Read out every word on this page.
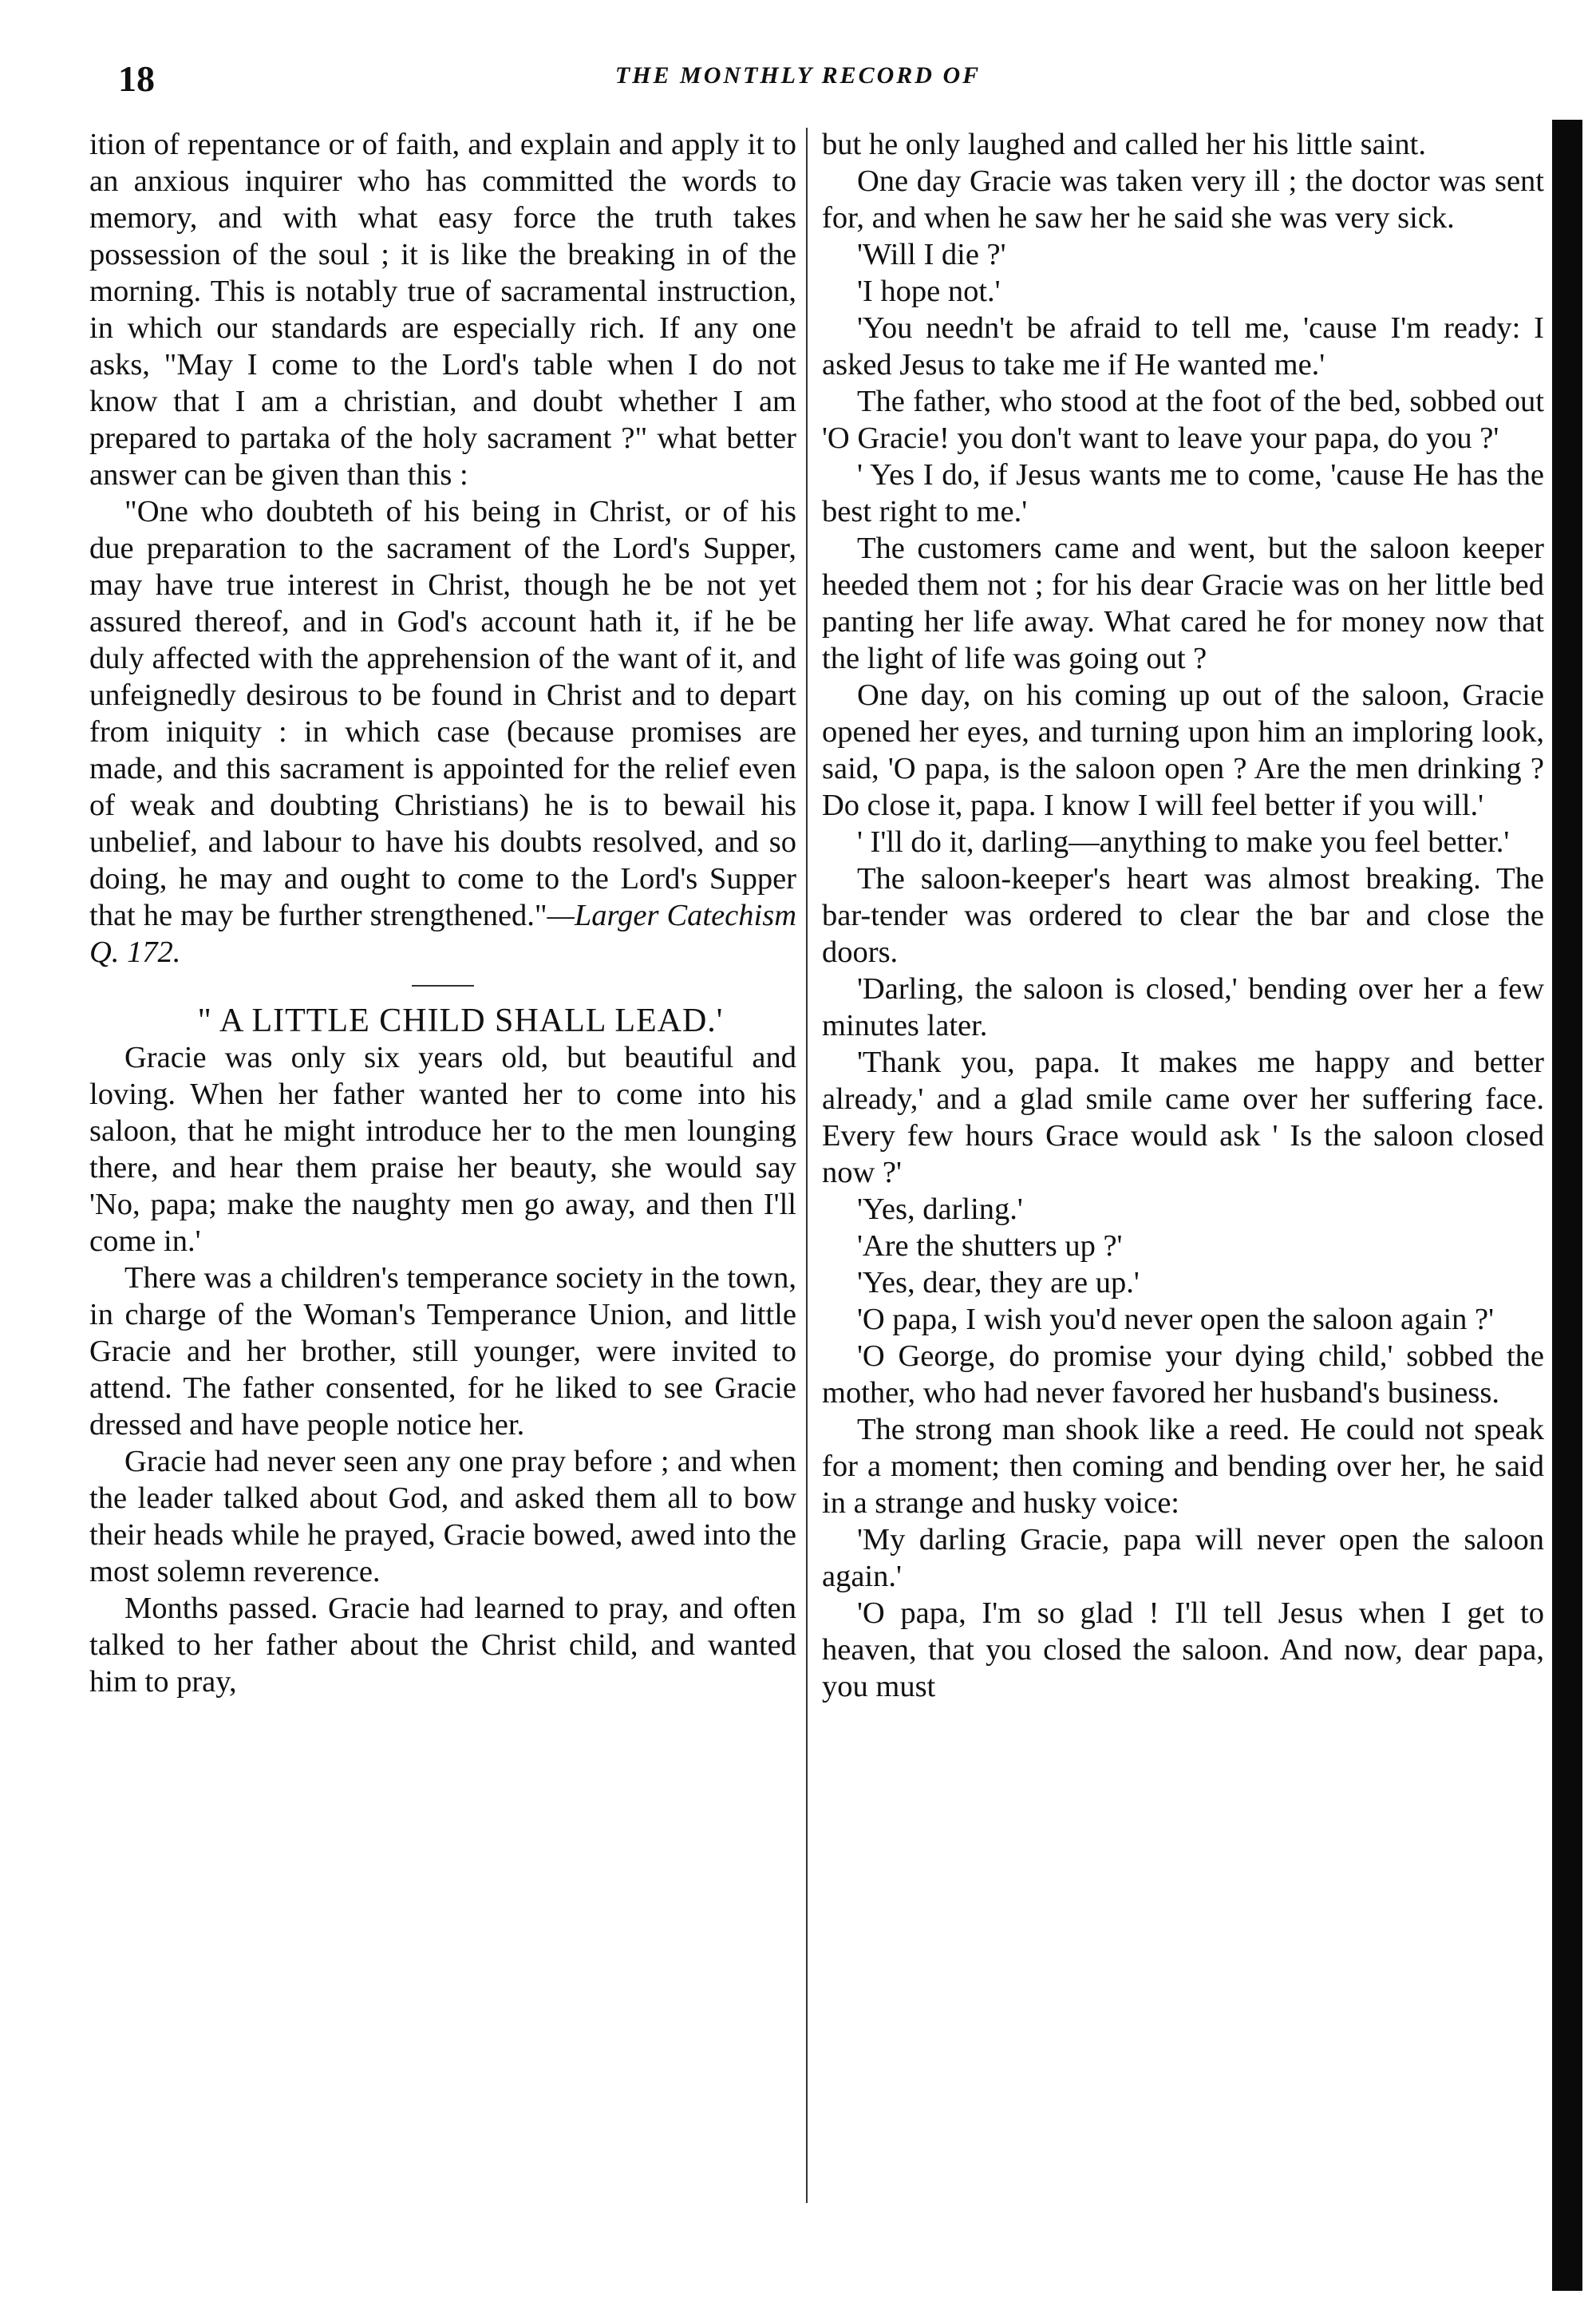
18	THE MONTHLY RECORD OF

ition of repentance or of faith, and explain and apply it to an anxious inquirer who has committed the words to memory, and with what easy force the truth takes possession of the soul ; it is like the breaking in of the morning. This is notably true of sacramental instruction, in which our standards are especially rich. If any one asks, "May I come to the Lord's table when I do not know that I am a christian, and doubt whether I am prepared to partaka of the holy sacrament ?" what better answer can be given than this :

"One who doubteth of his being in Christ, or of his due preparation to the sacrament of the Lord's Supper, may have true interest in Christ, though he be not yet assured thereof, and in God's account hath it, if he be duly affected with the apprehension of the want of it, and unfeignedly desirous to be found in Christ and to depart from iniquity : in which case (because promises are made, and this sacrament is appointed for the relief even of weak and doubting Christians) he is to bewail his unbelief, and labour to have his doubts resolved, and so doing, he may and ought to come to the Lord's Supper that he may be further strengthened."—Larger Catechism Q. 172.

" A LITTLE CHILD SHALL LEAD.'

Gracie was only six years old, but beautiful and loving. When her father wanted her to come into his saloon, that he might introduce her to the men lounging there, and hear them praise her beauty, she would say 'No, papa; make the naughty men go away, and then I'll come in.'

There was a children's temperance society in the town, in charge of the Woman's Temperance Union, and little Gracie and her brother, still younger, were invited to attend. The father consented, for he liked to see Gracie dressed and have people notice her.

Gracie had never seen any one pray before ; and when the leader talked about God, and asked them all to bow their heads while he prayed, Gracie bowed, awed into the most solemn reverence.

Months passed. Gracie had learned to pray, and often talked to her father about the Christ child, and wanted him to pray,

but he only laughed and called her his little saint.

One day Gracie was taken very ill ; the doctor was sent for, and when he saw her he said she was very sick.

'Will I die ?'

'I hope not.'

'You needn't be afraid to tell me, 'cause I'm ready: I asked Jesus to take me if He wanted me.'

The father, who stood at the foot of the bed, sobbed out 'O Gracie! you don't want to leave your papa, do you ?'

' Yes I do, if Jesus wants me to come, 'cause He has the best right to me.'

The customers came and went, but the saloon keeper heeded them not ; for his dear Gracie was on her little bed panting her life away. What cared he for money now that the light of life was going out ?

One day, on his coming up out of the saloon, Gracie opened her eyes, and turning upon him an imploring look, said, 'O papa, is the saloon open ? Are the men drinking ? Do close it, papa. I know I will feel better if you will.'

' I'll do it, darling—anything to make you feel better.'

The saloon-keeper's heart was almost breaking. The bar-tender was ordered to clear the bar and close the doors.

'Darling, the saloon is closed,' bending over her a few minutes later.

'Thank you, papa. It makes me happy and better already,' and a glad smile came over her suffering face. Every few hours Grace would ask ' Is the saloon closed now ?'

'Yes, darling.'

'Are the shutters up ?'

'Yes, dear, they are up.'

'O papa, I wish you'd never open the saloon again ?'

'O George, do promise your dying child,' sobbed the mother, who had never favored her husband's business.

The strong man shook like a reed. He could not speak for a moment; then coming and bending over her, he said in a strange and husky voice:

'My darling Gracie, papa will never open the saloon again.'

'O papa, I'm so glad ! I'll tell Jesus when I get to heaven, that you closed the saloon. And now, dear papa, you must
